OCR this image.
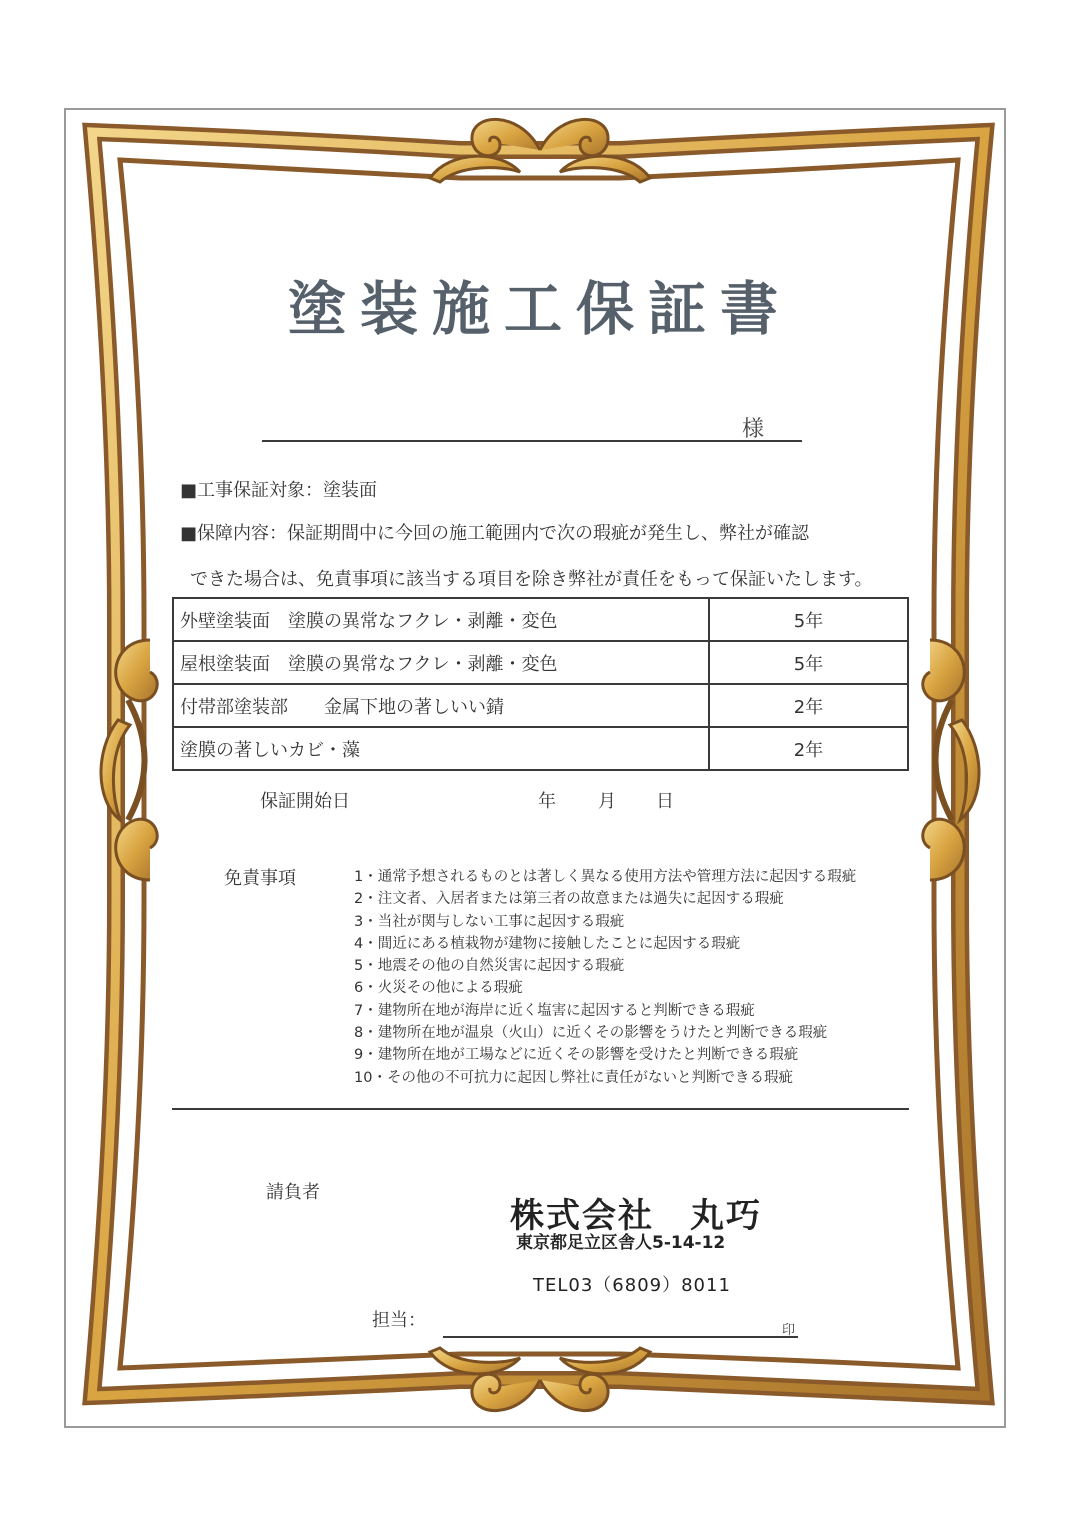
塗装施工保証書
様
■工事保証対象：塗装面
■保障内容：保証期間中に今回の施工範囲内で次の瑕疵が発生し、弊社が確認
できた場合は、免責事項に該当する項目を除き弊社が責任をもって保証いたします。
外壁塗装面　塗膜の異常なフクレ・剥離・変色	5年
屋根塗装面　塗膜の異常なフクレ・剥離・変色	5年
付帯部塗装部　　金属下地の著しいい錆	2年
塗膜の著しいカビ・藻	2年
保証開始日	年 月 日
免責事項	1・通常予想されるものとは著しく異なる使用方法や管理方法に起因する瑕疵
2・注文者、入居者または第三者の故意または過失に起因する瑕疵
3・当社が関与しない工事に起因する瑕疵
4・間近にある植栽物が建物に接触したことに起因する瑕疵
5・地震その他の自然災害に起因する瑕疵
6・火災その他による瑕疵
7・建物所在地が海岸に近く塩害に起因すると判断できる瑕疵
8・建物所在地が温泉（火山）に近くその影響をうけたと判断できる瑕疵
9・建物所在地が工場などに近くその影響を受けたと判断できる瑕疵
10・その他の不可抗力に起因し弊社に責任がないと判断できる瑕疵
請負者
株式会社　丸巧
東京都足立区舎人5-14-12
TEL03（6809）8011
担当：	印
